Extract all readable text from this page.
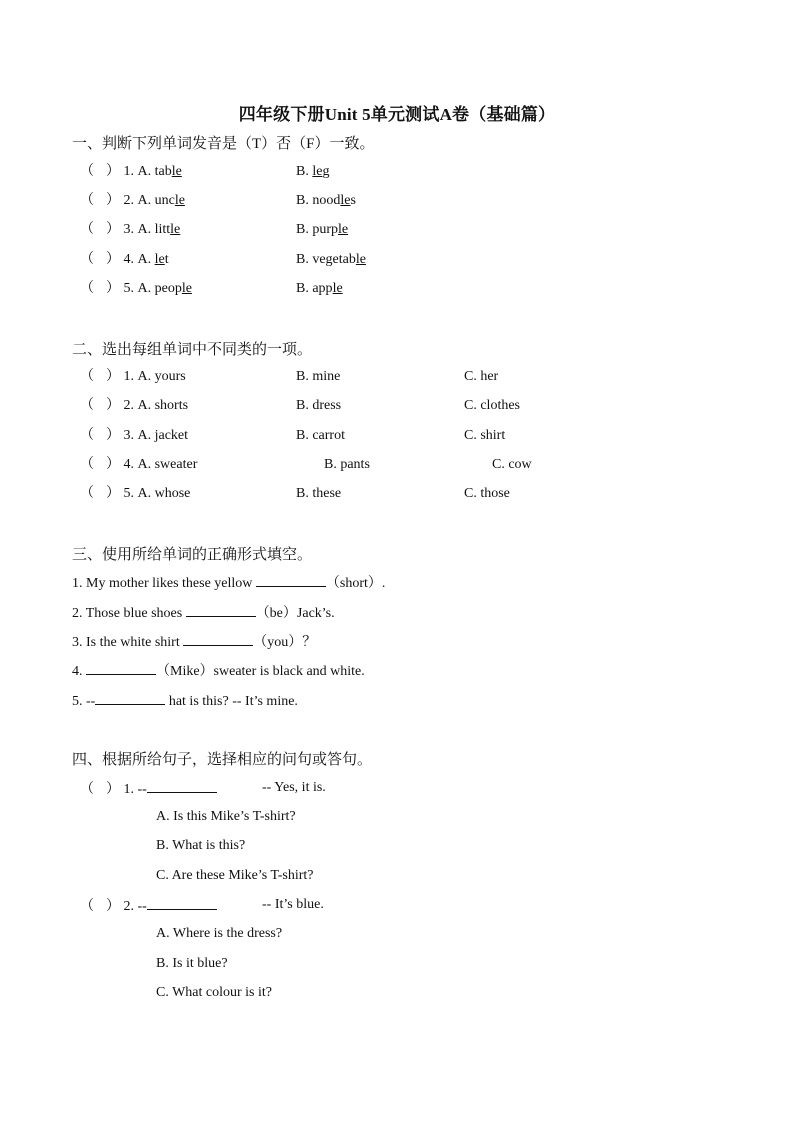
四年级下册Unit 5单元测试A卷（基础篇）
一、判断下列单词发音是（T）否（F）一致。
（ ） 1. A. table	B. leg
（ ） 2. A. uncle	B. noodles
（ ） 3. A. little	B. purple
（ ） 4. A. let	B. vegetable
（ ） 5. A. people	B. apple
二、选出每组单词中不同类的一项。
（ ） 1. A. yours	B. mine	C. her
（ ） 2. A. shorts	B. dress	C. clothes
（ ） 3. A. jacket	B. carrot	C. shirt
（ ） 4. A. sweater	B. pants	C. cow
（ ） 5. A. whose	B. these	C. those
三、使用所给单词的正确形式填空。
1. My mother likes these yellow	（short）.
2. Those blue shoes	（be）Jack’s.
3. Is the white shirt	（you）？
4.	（Mike）sweater is black and white.
5. --	hat is this? -- It’s mine.
四、根据所给句子，选择相应的问句或答句。
（ ） 1. --	-- Yes, it is.
A. Is this Mike’s T-shirt?
B. What is this?
C. Are these Mike’s T-shirt?
（ ） 2. --	-- It’s blue.
A. Where is the dress?
B. Is it blue?
C. What colour is it?
